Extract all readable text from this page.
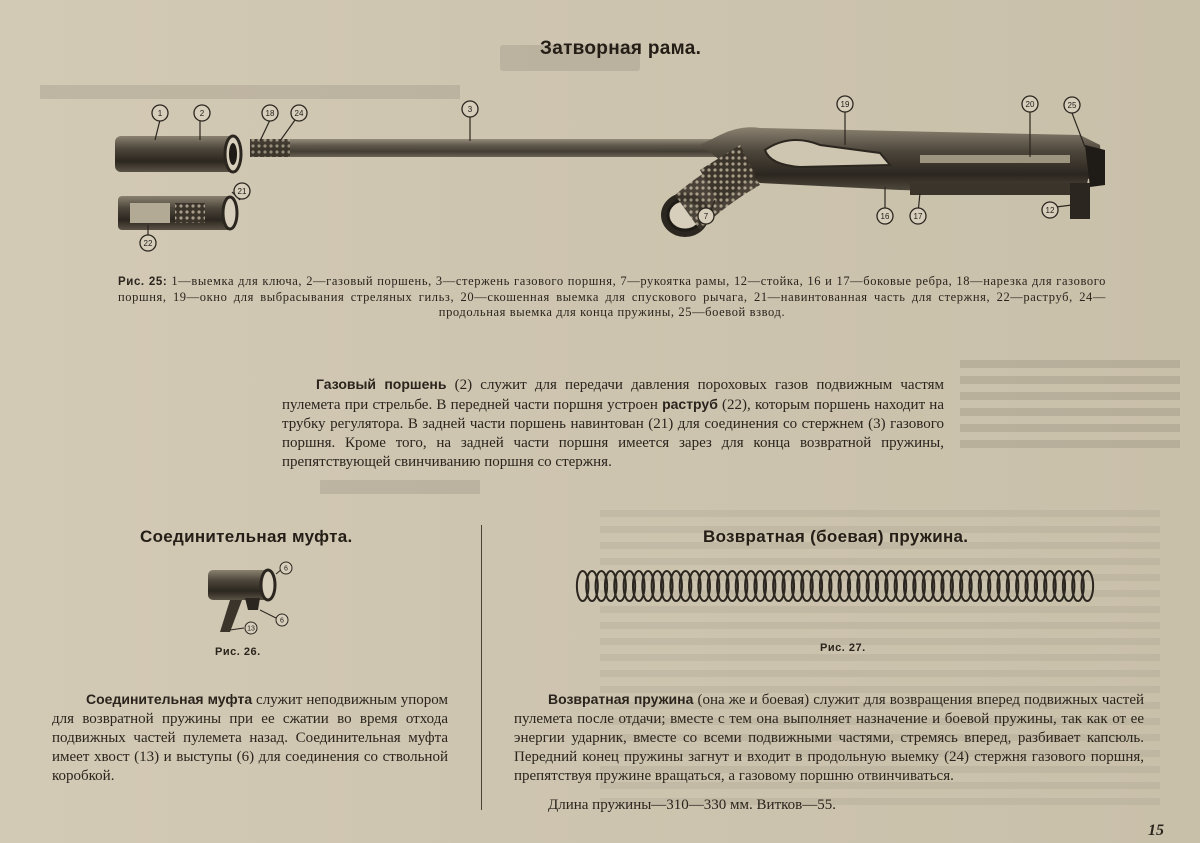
Затворная рама.
1	2	18	24	3
19	20	25
21
22
7	16	17
12
Рис. 25: 1—выемка для ключа, 2—газовый поршень, 3—стержень газового поршня, 7—рукоятка рамы, 12—стойка, 16 и 17—боковые ребра, 18—нарезка для газового поршня, 19—окно для выбрасывания стреляных гильз, 20—скошенная выемка для спускового рычага, 21—навинтованная часть для стержня, 22—раструб, 24—продольная выемка для конца пружины, 25—боевой взвод.
Газовый поршень (2) служит для передачи давления пороховых газов подвижным частям пулемета при стрельбе. В передней части поршня устроен раструб (22), которым поршень находит на трубку регулятора. В задней части поршень навинтован (21) для соединения со стержнем (3) газового поршня. Кроме того, на задней части поршня имеется зарез для конца возвратной пружины, препятствующей свинчиванию поршня со стержня.
Соединительная муфта.
6
6
13
Рис. 26.
Соединительная муфта служит неподвижным упором для возвратной пружины при ее сжатии во время отхода подвижных частей пулемета назад. Соединительная муфта имеет хвост (13) и выступы (6) для соединения со ствольной коробкой.
Возвратная (боевая) пружина.
Рис. 27.
Возвратная пружина (она же и боевая) служит для возвращения вперед подвижных частей пулемета после отдачи; вместе с тем она выполняет назначение и боевой пружины, так как от ее энергии ударник, вместе со всеми подвижными частями, стремясь вперед, разбивает капсюль. Передний конец пружины загнут и входит в продольную выемку (24) стержня газового поршня, препятствуя пружине вращаться, а газовому поршню отвинчиваться.
Длина пружины—310—330 мм. Витков—55.
15
